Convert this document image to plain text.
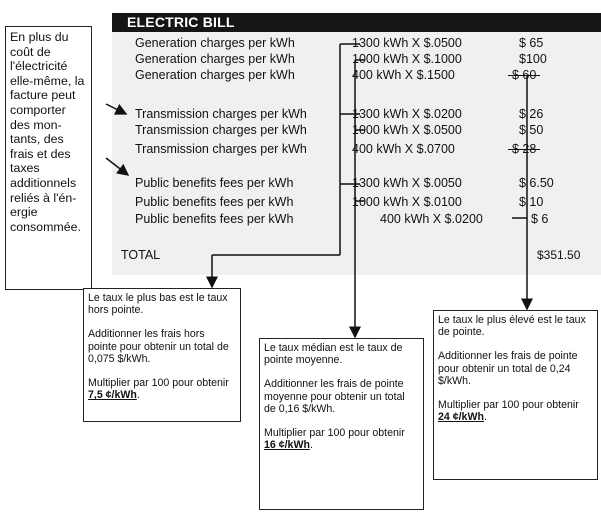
ELECTRIC BILL
Generation charges per kWh	1300 kWh X $.0500	$ 65
Generation charges per kWh	1000 kWh X $.1000	$100
Generation charges per kWh	400 kWh X $.1500	$ 60
Transmission charges per kWh	1300 kWh X $.0200	$ 26
Transmission charges per kWh	1000 kWh X $.0500	$ 50
Transmission charges per kWh	400 kWh X $.0700	$ 28
Public benefits fees per kWh	1300 kWh X $.0050	$ 6.50
Public benefits fees per kWh	1000 kWh X $.0100	$ 10
Public benefits fees per kWh	400 kWh X $.0200	$ 6
TOTAL	$351.50
En plus du coût de l'électricité elle-même, la facture peut comporter des mon-tants, des frais et des taxes additionnels reliés à l'én-ergie consommée.

Le taux le plus bas est le taux hors pointe.

Additionner les frais hors pointe pour obtenir un total de 0,075 $/kWh.

Multiplier par 100 pour obtenir 7,5 ¢/kWh.

Le taux médian est le taux de pointe moyenne.

Additionner les frais de pointe moyenne pour obtenir un total de 0,16 $/kWh.

Multiplier par 100 pour obtenir 16 ¢/kWh.

Le taux le plus élevé est le taux de pointe.

Additionner les frais de pointe pour obtenir un total de 0,24 $/kWh.

Multiplier par 100 pour obtenir 24 ¢/kWh.
